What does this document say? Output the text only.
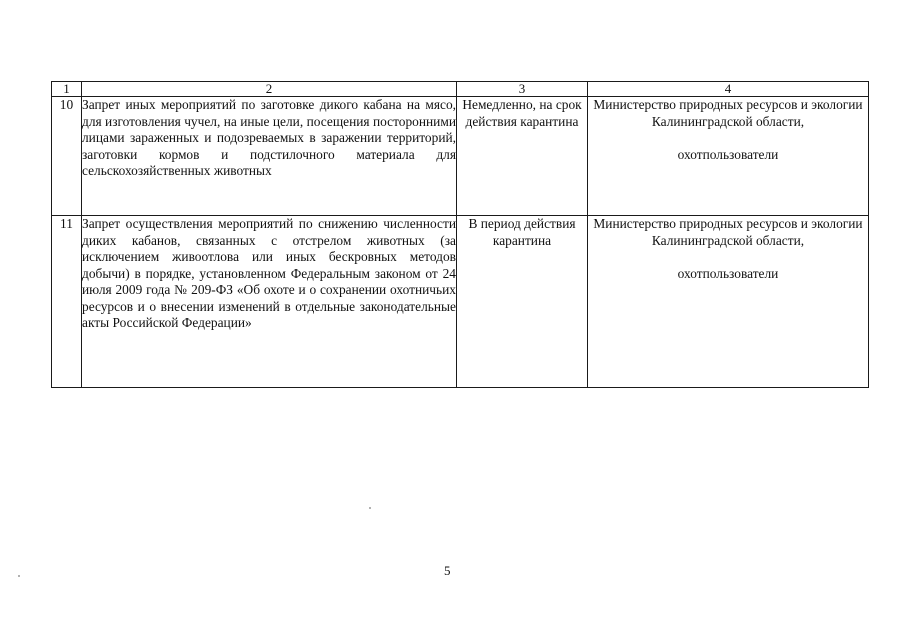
1	2	3	4
10	Запрет иных мероприятий по заготовке дикого кабана на мясо, для изготовления чучел, на иные цели, посещения посторонними лицами зараженных и подозреваемых в заражении территорий, заготовки кормов и подстилочного материала для сельскохозяйственных животных	Немедленно, на срок действия карантина	Министерство природных ресурсов и экологии Калининградской области,
охотпользователи

11	Запрет осуществления мероприятий по снижению численности диких кабанов, связанных с отстрелом животных (за исключением живоотлова или иных бескровных методов добычи) в порядке, установленном Федеральным законом от 24 июля 2009 года № 209-ФЗ «Об охоте и о сохранении охотничьих ресурсов и о внесении изменений в отдельные законодательные акты Российской Федерации»	В период действия карантина	Министерство природных ресурсов и экологии Калининградской области,
охотпользователи
5
